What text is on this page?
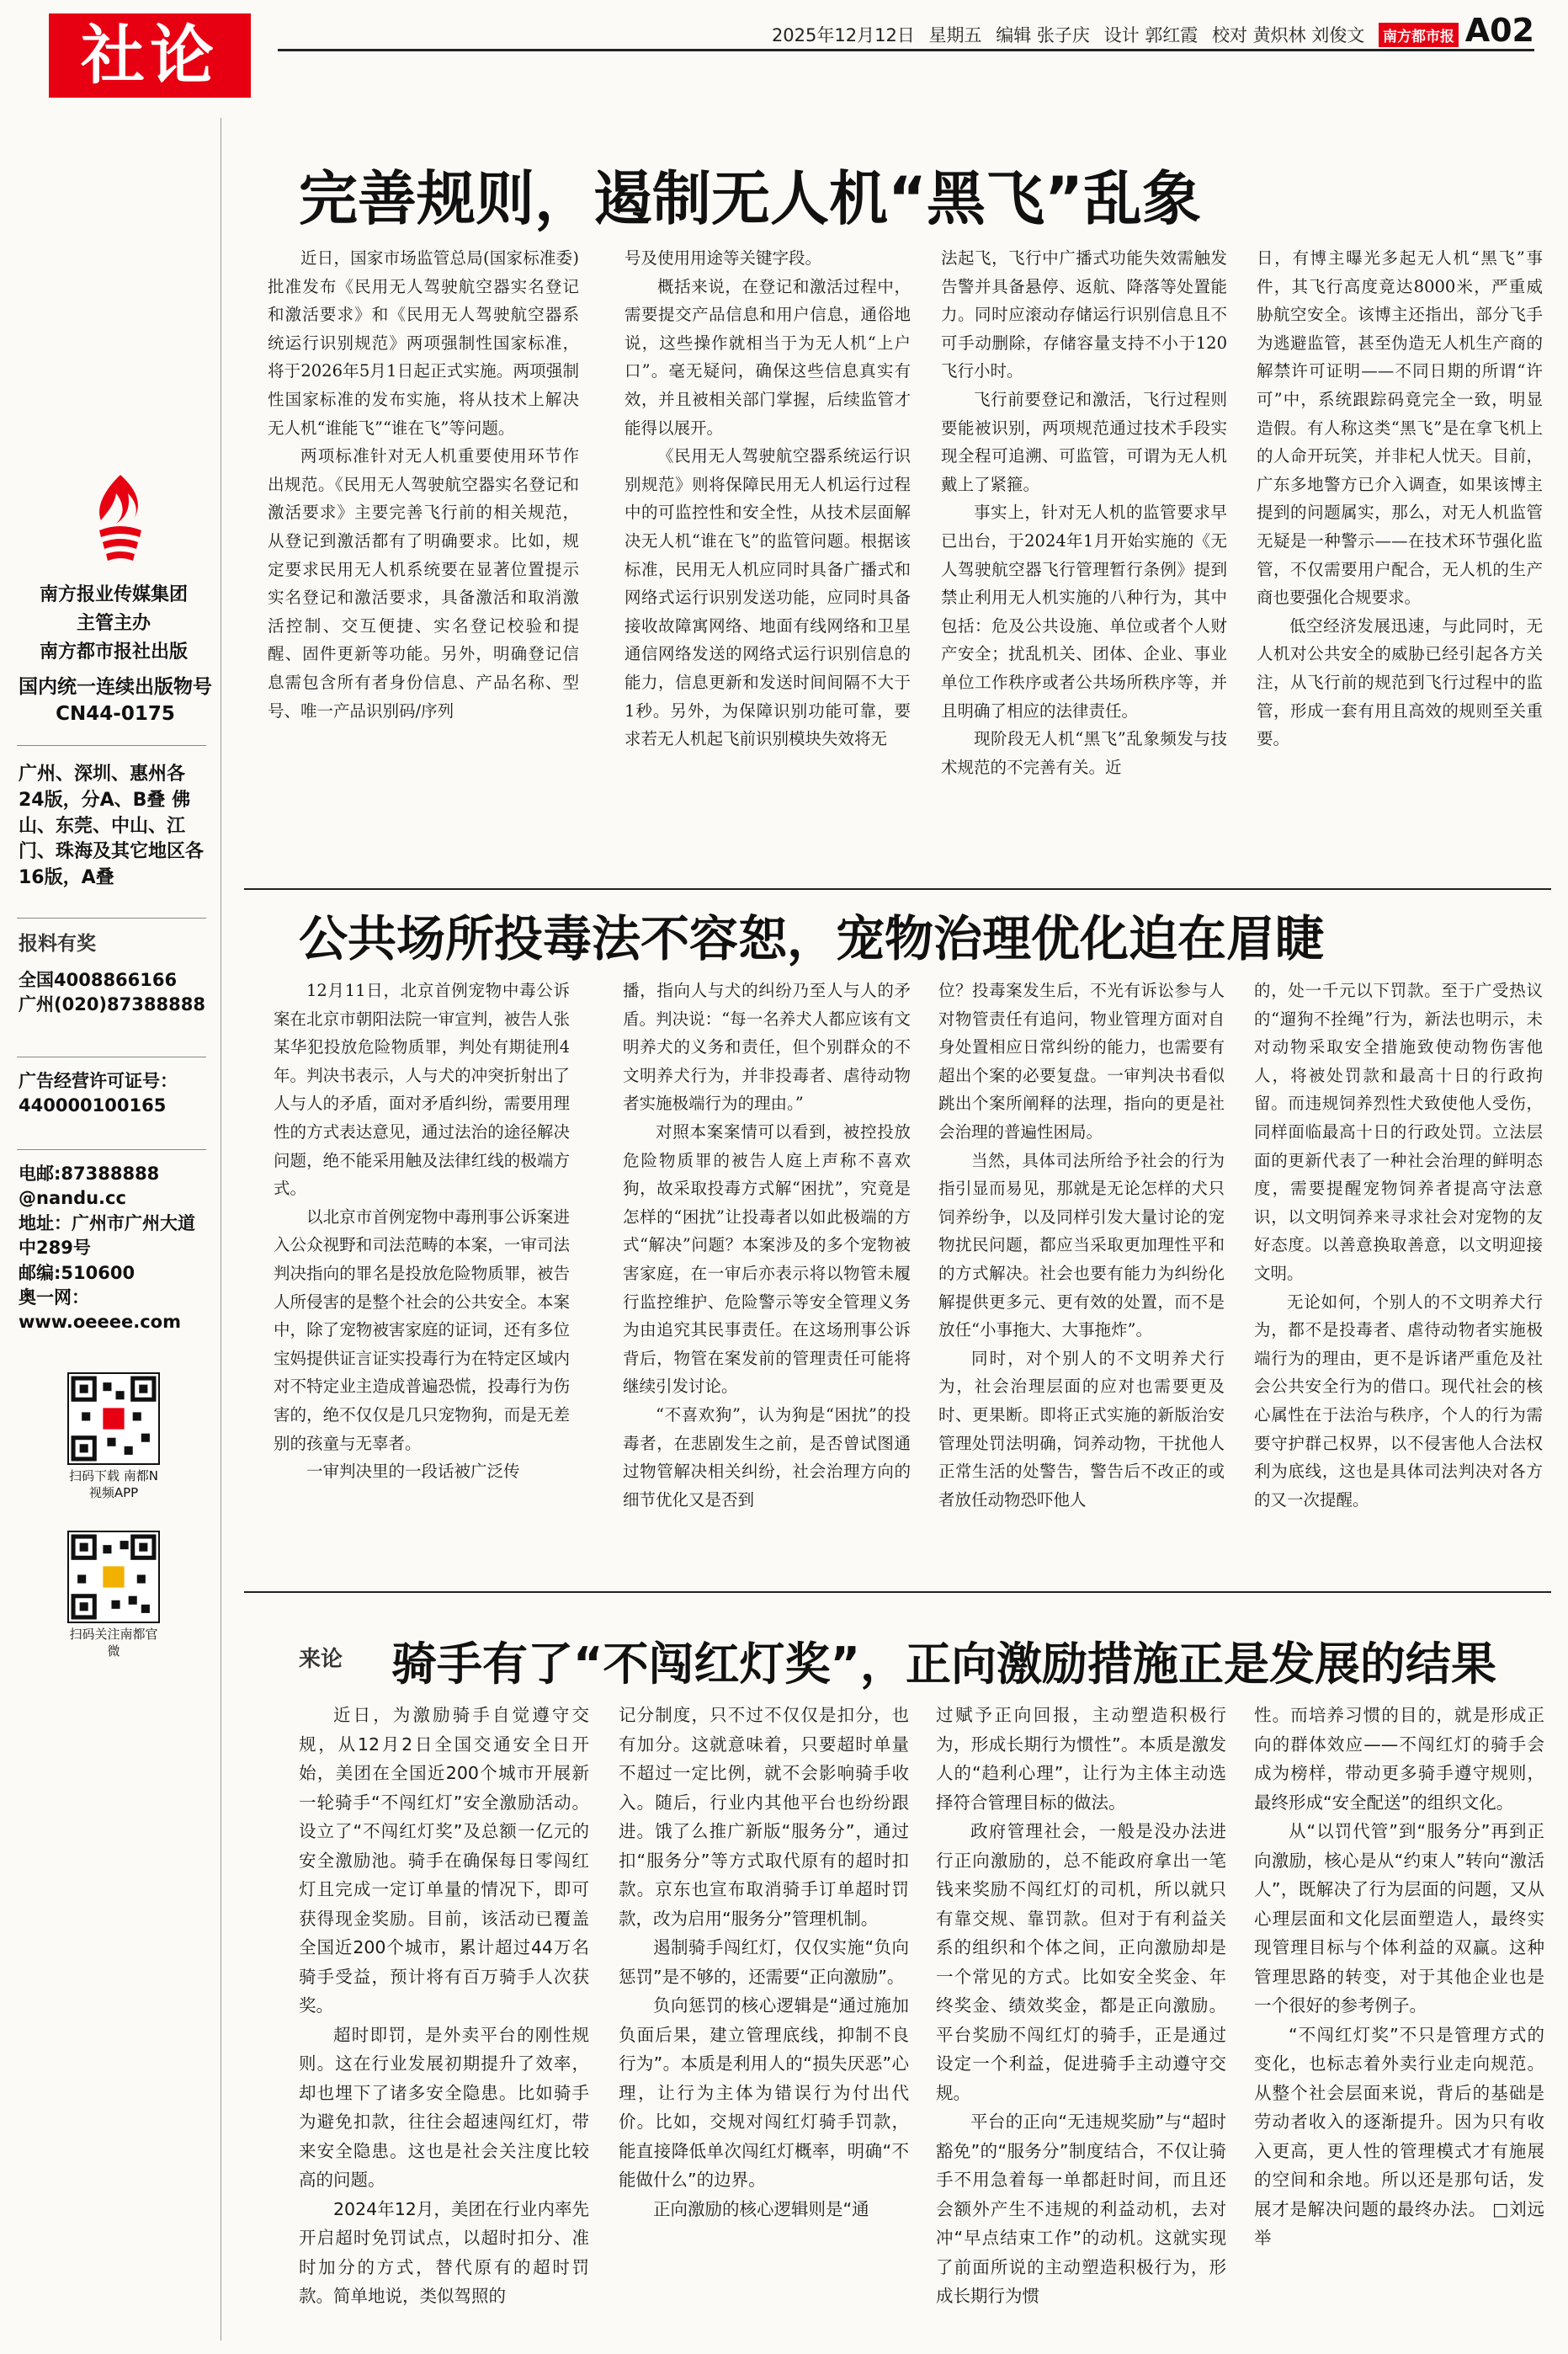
社论	2025年12月12日 星期五 编辑 张子庆 设计 郭红霞 校对 黄炽林 刘俊文 南方都市报 A02
南方报业传媒集团
主管主办
南方都市报社出版
国内统一连续出版物号
CN44-0175
广州、深圳、惠州各24版，分A、B叠 佛山、东莞、中山、江门、珠海及其它地区各16版，A叠
报料有奖
全国4008866166
广州(020)87388888
广告经营许可证号：
440000100165
电邮:87388888
@nandu.cc
地址：广州市广州大道中289号
邮编:510600
奥一网：
www.oeeee.com
扫码下载 南都N视频APP
扫码关注南都官微
完善规则，遏制无人机“黑飞”乱象

近日，国家市场监管总局(国家标准委)批准发布《民用无人驾驶航空器实名登记和激活要求》和《民用无人驾驶航空器系统运行识别规范》两项强制性国家标准，将于2026年5月1日起正式实施。两项强制性国家标准的发布实施，将从技术上解决无人机“谁能飞”“谁在飞”等问题。

两项标准针对无人机重要使用环节作出规范。《民用无人驾驶航空器实名登记和激活要求》主要完善飞行前的相关规范，从登记到激活都有了明确要求。比如，规定要求民用无人机系统要在显著位置提示实名登记和激活要求，具备激活和取消激活控制、交互便捷、实名登记校验和提醒、固件更新等功能。另外，明确登记信息需包含所有者身份信息、产品名称、型号、唯一产品识别码/序列

号及使用用途等关键字段。

概括来说，在登记和激活过程中，需要提交产品信息和用户信息，通俗地说，这些操作就相当于为无人机“上户口”。毫无疑问，确保这些信息真实有效，并且被相关部门掌握，后续监管才能得以展开。

《民用无人驾驶航空器系统运行识别规范》则将保障民用无人机运行过程中的可监控性和安全性，从技术层面解决无人机“谁在飞”的监管问题。根据该标准，民用无人机应同时具备广播式和网络式运行识别发送功能，应同时具备接收故障寓网络、地面有线网络和卫星通信网络发送的网络式运行识别信息的能力，信息更新和发送时间间隔不大于1秒。另外，为保障识别功能可靠，要求若无人机起飞前识别模块失效将无

法起飞，飞行中广播式功能失效需触发告警并具备悬停、返航、降落等处置能力。同时应滚动存储运行识别信息且不可手动删除，存储容量支持不小于120飞行小时。

飞行前要登记和激活，飞行过程则要能被识别，两项规范通过技术手段实现全程可追溯、可监管，可谓为无人机戴上了紧箍。

事实上，针对无人机的监管要求早已出台，于2024年1月开始实施的《无人驾驶航空器飞行管理暂行条例》提到禁止利用无人机实施的八种行为，其中包括：危及公共设施、单位或者个人财产安全；扰乱机关、团体、企业、事业单位工作秩序或者公共场所秩序等，并且明确了相应的法律责任。

现阶段无人机“黑飞”乱象频发与技术规范的不完善有关。近

日，有博主曝光多起无人机“黑飞”事件，其飞行高度竟达8000米，严重威胁航空安全。该博主还指出，部分飞手为逃避监管，甚至伪造无人机生产商的解禁许可证明——不同日期的所谓“许可”中，系统跟踪码竟完全一致，明显造假。有人称这类“黑飞”是在拿飞机上的人命开玩笑，并非杞人忧天。目前，广东多地警方已介入调查，如果该博主提到的问题属实，那么，对无人机监管无疑是一种警示——在技术环节强化监管，不仅需要用户配合，无人机的生产商也要强化合规要求。

低空经济发展迅速，与此同时，无人机对公共安全的威胁已经引起各方关注，从飞行前的规范到飞行过程中的监管，形成一套有用且高效的规则至关重要。

公共场所投毒法不容恕，宠物治理优化迫在眉睫

12月11日，北京首例宠物中毒公诉案在北京市朝阳法院一审宣判，被告人张某华犯投放危险物质罪，判处有期徒刑4年。判决书表示，人与犬的冲突折射出了人与人的矛盾，面对矛盾纠纷，需要用理性的方式表达意见，通过法治的途径解决问题，绝不能采用触及法律红线的极端方式。

以北京市首例宠物中毒刑事公诉案进入公众视野和司法范畴的本案，一审司法判决指向的罪名是投放危险物质罪，被告人所侵害的是整个社会的公共安全。本案中，除了宠物被害家庭的证词，还有多位宝妈提供证言证实投毒行为在特定区域内对不特定业主造成普遍恐慌，投毒行为伤害的，绝不仅仅是几只宠物狗，而是无差别的孩童与无辜者。

一审判决里的一段话被广泛传

播，指向人与犬的纠纷乃至人与人的矛盾。判决说：“每一名养犬人都应该有文明养犬的义务和责任，但个别群众的不文明养犬行为，并非投毒者、虐待动物者实施极端行为的理由。”

对照本案案情可以看到，被控投放危险物质罪的被告人庭上声称不喜欢狗，故采取投毒方式解“困扰”，究竟是怎样的“困扰”让投毒者以如此极端的方式“解决”问题？本案涉及的多个宠物被害家庭，在一审后亦表示将以物管未履行监控维护、危险警示等安全管理义务为由追究其民事责任。在这场刑事公诉背后，物管在案发前的管理责任可能将继续引发讨论。

“不喜欢狗”，认为狗是“困扰”的投毒者，在悲剧发生之前，是否曾试图通过物管解决相关纠纷，社会治理方向的细节优化又是否到

位？投毒案发生后，不光有诉讼参与人对物管责任有追问，物业管理方面对自身处置相应日常纠纷的能力，也需要有超出个案的必要复盘。一审判决书看似跳出个案所阐释的法理，指向的更是社会治理的普遍性困局。

当然，具体司法所给予社会的行为指引显而易见，那就是无论怎样的犬只饲养纷争，以及同样引发大量讨论的宠物扰民问题，都应当采取更加理性平和的方式解决。社会也要有能力为纠纷化解提供更多元、更有效的处置，而不是放任“小事拖大、大事拖炸”。

同时，对个别人的不文明养犬行为，社会治理层面的应对也需要更及时、更果断。即将正式实施的新版治安管理处罚法明确，饲养动物，干扰他人正常生活的处警告，警告后不改正的或者放任动物恐吓他人

的，处一千元以下罚款。至于广受热议的“遛狗不拴绳”行为，新法也明示，未对动物采取安全措施致使动物伤害他人，将被处罚款和最高十日的行政拘留。而违规饲养烈性犬致使他人受伤，同样面临最高十日的行政处罚。立法层面的更新代表了一种社会治理的鲜明态度，需要提醒宠物饲养者提高守法意识，以文明饲养来寻求社会对宠物的友好态度。以善意换取善意，以文明迎接文明。

无论如何，个别人的不文明养犬行为，都不是投毒者、虐待动物者实施极端行为的理由，更不是诉诸严重危及社会公共安全行为的借口。现代社会的核心属性在于法治与秩序，个人的行为需要守护群己权界，以不侵害他人合法权利为底线，这也是具体司法判决对各方的又一次提醒。

来论 骑手有了“不闯红灯奖”，正向激励措施正是发展的结果

近日，为激励骑手自觉遵守交规，从12月2日全国交通安全日开始，美团在全国近200个城市开展新一轮骑手“不闯红灯”安全激励活动。设立了“不闯红灯奖”及总额一亿元的安全激励池。骑手在确保每日零闯红灯且完成一定订单量的情况下，即可获得现金奖励。目前，该活动已覆盖全国近200个城市，累计超过44万名骑手受益，预计将有百万骑手人次获奖。

超时即罚，是外卖平台的刚性规则。这在行业发展初期提升了效率，却也埋下了诸多安全隐患。比如骑手为避免扣款，往往会超速闯红灯，带来安全隐患。这也是社会关注度比较高的问题。

2024年12月，美团在行业内率先开启超时免罚试点，以超时扣分、准时加分的方式，替代原有的超时罚款。简单地说，类似驾照的

记分制度，只不过不仅仅是扣分，也有加分。这就意味着，只要超时单量不超过一定比例，就不会影响骑手收入。随后，行业内其他平台也纷纷跟进。饿了么推广新版“服务分”，通过扣“服务分”等方式取代原有的超时扣款。京东也宣布取消骑手订单超时罚款，改为启用“服务分”管理机制。

遏制骑手闯红灯，仅仅实施“负向惩罚”是不够的，还需要“正向激励”。

负向惩罚的核心逻辑是“通过施加负面后果，建立管理底线，抑制不良行为”。本质是利用人的“损失厌恶”心理，让行为主体为错误行为付出代价。比如，交规对闯红灯骑手罚款，能直接降低单次闯红灯概率，明确“不能做什么”的边界。

正向激励的核心逻辑则是“通

过赋予正向回报，主动塑造积极行为，形成长期行为惯性”。本质是激发人的“趋利心理”，让行为主体主动选择符合管理目标的做法。

政府管理社会，一般是没办法进行正向激励的，总不能政府拿出一笔钱来奖励不闯红灯的司机，所以就只有靠交规、靠罚款。但对于有利益关系的组织和个体之间，正向激励却是一个常见的方式。比如安全奖金、年终奖金、绩效奖金，都是正向激励。平台奖励不闯红灯的骑手，正是通过设定一个利益，促进骑手主动遵守交规。

平台的正向“无违规奖励”与“超时豁免”的“服务分”制度结合，不仅让骑手不用急着每一单都赶时间，而且还会额外产生不违规的利益动机，去对冲“早点结束工作”的动机。这就实现了前面所说的主动塑造积极行为，形成长期行为惯

性。而培养习惯的目的，就是形成正向的群体效应——不闯红灯的骑手会成为榜样，带动更多骑手遵守规则，最终形成“安全配送”的组织文化。

从“以罚代管”到“服务分”再到正向激励，核心是从“约束人”转向“激活人”，既解决了行为层面的问题，又从心理层面和文化层面塑造人，最终实现管理目标与个体利益的双赢。这种管理思路的转变，对于其他企业也是一个很好的参考例子。

“不闯红灯奖”不只是管理方式的变化，也标志着外卖行业走向规范。从整个社会层面来说，背后的基础是劳动者收入的逐渐提升。因为只有收入更高，更人性的管理模式才有施展的空间和余地。所以还是那句话，发展才是解决问题的最终办法。 □刘远举
